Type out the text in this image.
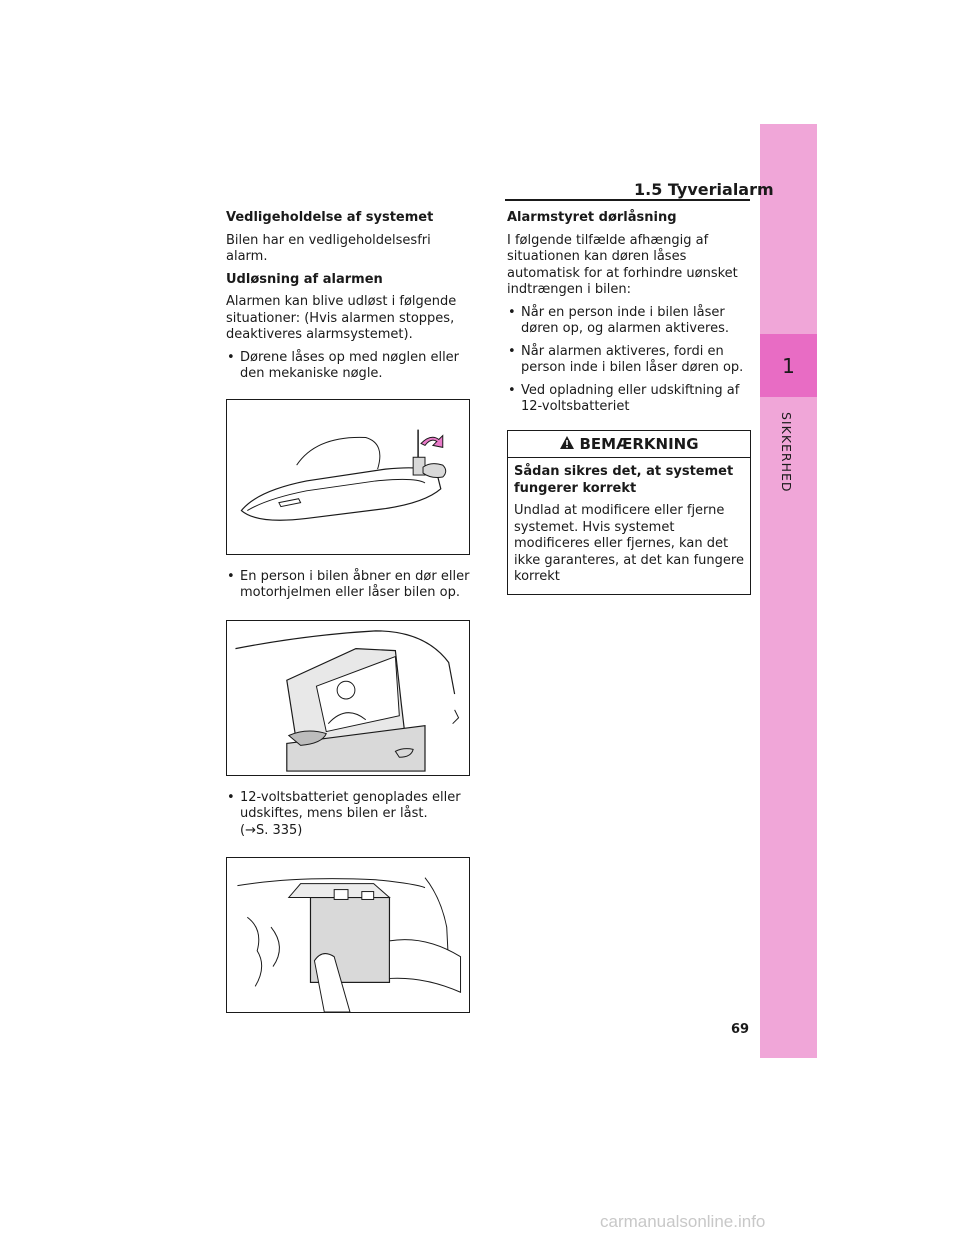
1
SIKKERHED
1.5 Tyverialarm

Vedligeholdelse af systemet

Bilen har en vedligeholdelsesfri alarm.

Udløsning af alarmen

Alarmen kan blive udløst i følgende situationer: (Hvis alarmen stoppes, deaktiveres alarmsystemet).

• Dørene låses op med nøglen eller den mekaniske nøgle.

• En person i bilen åbner en dør eller motorhjelmen eller låser bilen op.

• 12-voltsbatteriet genoplades eller udskiftes, mens bilen er låst.
(→S. 335)

Alarmstyret dørlåsning

I følgende tilfælde afhængig af situationen kan døren låses automatisk for at forhindre uønsket indtrængen i bilen:

• Når en person inde i bilen låser døren op, og alarmen aktiveres.

• Når alarmen aktiveres, fordi en person inde i bilen låser døren op.

• Ved opladning eller udskiftning af 12-voltsbatteriet

BEMÆRKNING
Sådan sikres det, at systemet fungerer korrekt
Undlad at modificere eller fjerne systemet. Hvis systemet modificeres eller fjernes, kan det ikke garanteres, at det kan fungere korrekt
69
carmanualsonline.info
